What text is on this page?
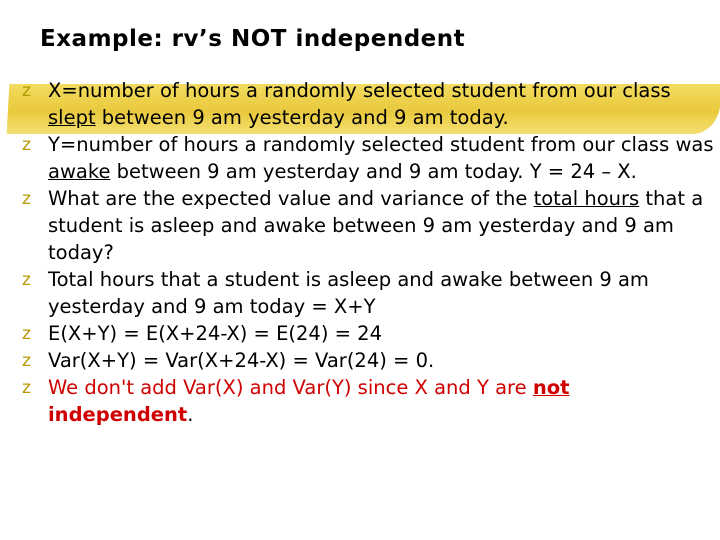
Example: rv’s NOT independent
z X=number of hours a randomly selected student from our class slept between 9 am yesterday and 9 am today.
z Y=number of hours a randomly selected student from our class was awake between 9 am yesterday and 9 am today. Y = 24 – X.
z What are the expected value and variance of the total hours that a student is asleep and awake between 9 am yesterday and 9 am today?
z Total hours that a student is asleep and awake between 9 am yesterday and 9 am today = X+Y
z E(X+Y) = E(X+24-X) = E(24) = 24
z Var(X+Y) = Var(X+24-X) = Var(24) = 0.
z We don't add Var(X) and Var(Y) since X and Y are not independent.
